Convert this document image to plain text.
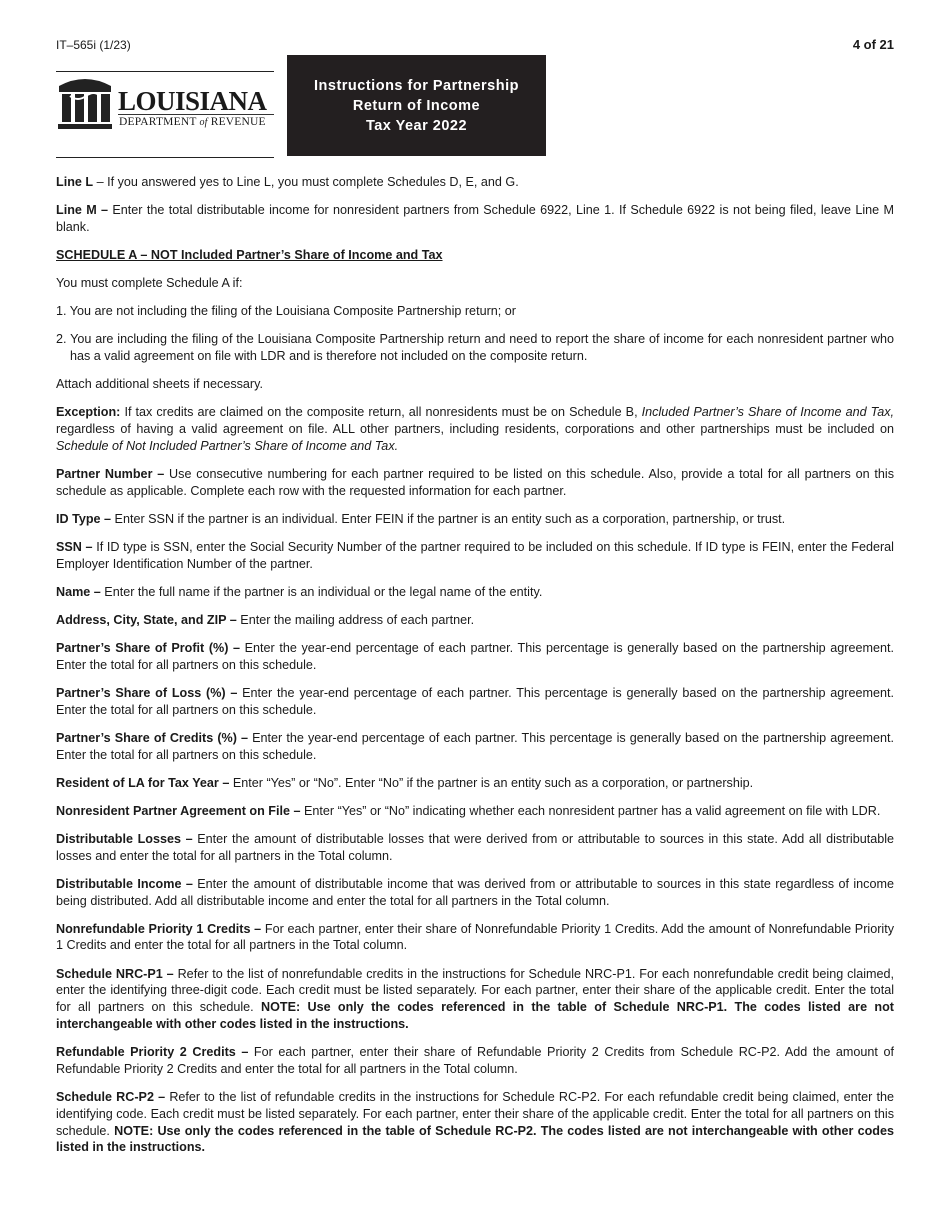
IT–565i (1/23)	4 of 21
LOUISIANA
DEPARTMENT of REVENUE
Instructions for Partnership
Return of Income
Tax Year 2022

Line L – If you answered yes to Line L, you must complete Schedules D, E, and G.

Line M – Enter the total distributable income for nonresident partners from Schedule 6922, Line 1. If Schedule 6922 is not being filed, leave Line M blank.

SCHEDULE A – NOT Included Partner’s Share of Income and Tax

You must complete Schedule A if:

1. You are not including the filing of the Louisiana Composite Partnership return; or

2. You are including the filing of the Louisiana Composite Partnership return and need to report the share of income for each nonresident partner who has a valid agreement on file with LDR and is therefore not included on the composite return.

Attach additional sheets if necessary.

Exception: If tax credits are claimed on the composite return, all nonresidents must be on Schedule B, Included Partner’s Share of Income and Tax, regardless of having a valid agreement on file. ALL other partners, including residents, corporations and other partnerships must be included on Schedule of Not Included Partner’s Share of Income and Tax.

Partner Number – Use consecutive numbering for each partner required to be listed on this schedule. Also, provide a total for all partners on this schedule as applicable. Complete each row with the requested information for each partner.

ID Type – Enter SSN if the partner is an individual. Enter FEIN if the partner is an entity such as a corporation, partnership, or trust.

SSN – If ID type is SSN, enter the Social Security Number of the partner required to be included on this schedule. If ID type is FEIN, enter the Federal Employer Identification Number of the partner.

Name – Enter the full name if the partner is an individual or the legal name of the entity.

Address, City, State, and ZIP – Enter the mailing address of each partner.

Partner’s Share of Profit (%) – Enter the year-end percentage of each partner. This percentage is generally based on the partnership agreement. Enter the total for all partners on this schedule.

Partner’s Share of Loss (%) – Enter the year-end percentage of each partner. This percentage is generally based on the partnership agreement. Enter the total for all partners on this schedule.

Partner’s Share of Credits (%) – Enter the year-end percentage of each partner. This percentage is generally based on the partnership agreement. Enter the total for all partners on this schedule.

Resident of LA for Tax Year – Enter “Yes” or “No”. Enter “No” if the partner is an entity such as a corporation, or partnership.

Nonresident Partner Agreement on File – Enter “Yes” or “No” indicating whether each nonresident partner has a valid agreement on file with LDR.

Distributable Losses – Enter the amount of distributable losses that were derived from or attributable to sources in this state. Add all distributable losses and enter the total for all partners in the Total column.

Distributable Income – Enter the amount of distributable income that was derived from or attributable to sources in this state regardless of income being distributed. Add all distributable income and enter the total for all partners in the Total column.

Nonrefundable Priority 1 Credits – For each partner, enter their share of Nonrefundable Priority 1 Credits. Add the amount of Nonrefundable Priority 1 Credits and enter the total for all partners in the Total column.

Schedule NRC-P1 – Refer to the list of nonrefundable credits in the instructions for Schedule NRC-P1. For each nonrefundable credit being claimed, enter the identifying three-digit code. Each credit must be listed separately. For each partner, enter their share of the applicable credit. Enter the total for all partners on this schedule. NOTE: Use only the codes referenced in the table of Schedule NRC-P1. The codes listed are not interchangeable with other codes listed in the instructions.

Refundable Priority 2 Credits – For each partner, enter their share of Refundable Priority 2 Credits from Schedule RC-P2. Add the amount of Refundable Priority 2 Credits and enter the total for all partners in the Total column.

Schedule RC-P2 – Refer to the list of refundable credits in the instructions for Schedule RC-P2. For each refundable credit being claimed, enter the identifying code. Each credit must be listed separately. For each partner, enter their share of the applicable credit. Enter the total for all partners on this schedule. NOTE: Use only the codes referenced in the table of Schedule RC-P2. The codes listed are not interchangeable with other codes listed in the instructions.
